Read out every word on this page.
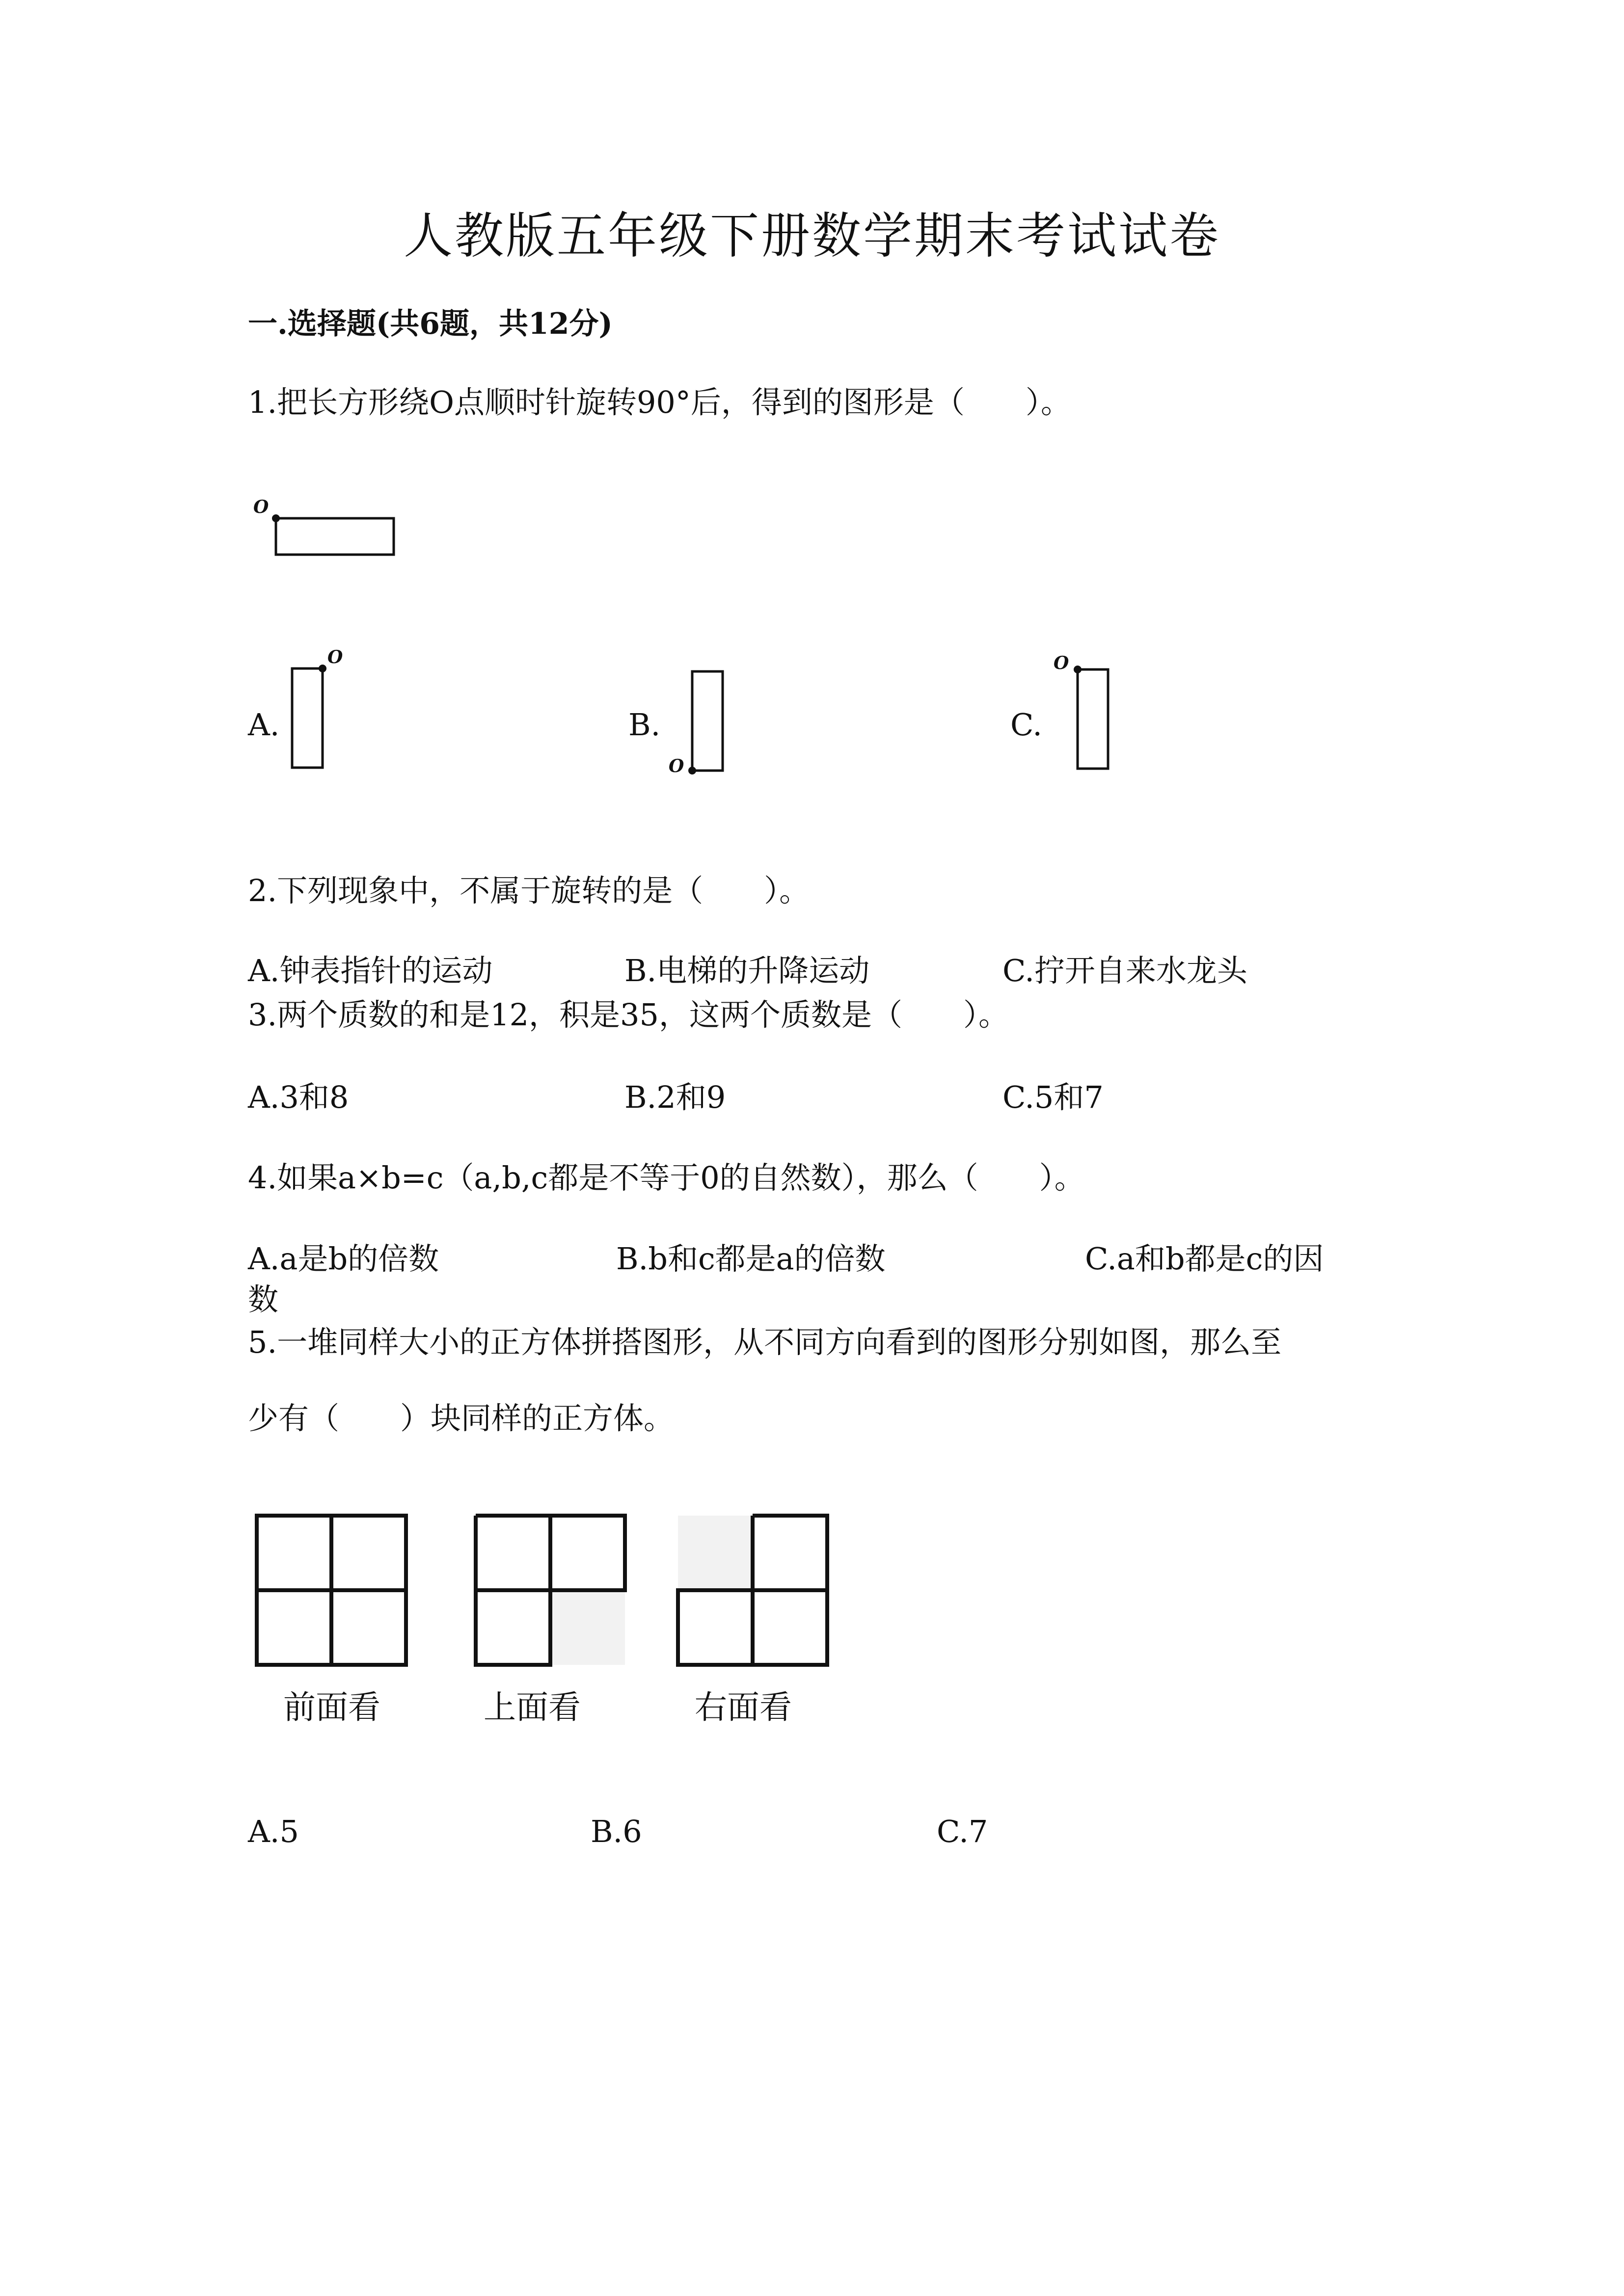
人教版五年级下册数学期末考试试卷
一.选择题(共6题，共12分)
1.把长方形绕O点顺时针旋转90°后，得到的图形是（　　）。
O
A.
O
B.
O
C.
O
2.下列现象中，不属于旋转的是（　　）。
A.钟表指针的运动	B.电梯的升降运动	C.拧开自来水龙头
3.两个质数的和是12，积是35，这两个质数是（　　）。
A.3和8	B.2和9	C.5和7
4.如果a×b=c（a,b,c都是不等于0的自然数），那么（　　）。
A.a是b的倍数	B.b和c都是a的倍数	C.a和b都是c的因
数
5.一堆同样大小的正方体拼搭图形，从不同方向看到的图形分别如图，那么至
少有（　　）块同样的正方体。
前面看	上面看	右面看
A.5	B.6	C.7
